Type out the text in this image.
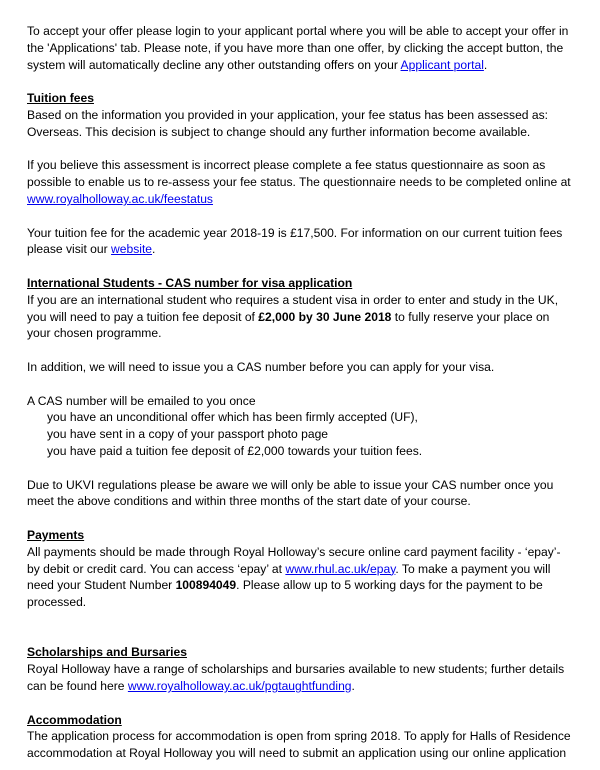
To accept your offer please login to your applicant portal where you will be able to accept your offer in the 'Applications' tab. Please note, if you have more than one offer, by clicking the accept button, the system will automatically decline any other outstanding offers on your Applicant portal.

Tuition fees

Based on the information you provided in your application, your fee status has been assessed as: Overseas. This decision is subject to change should any further information become available.

If you believe this assessment is incorrect please complete a fee status questionnaire as soon as possible to enable us to re-assess your fee status. The questionnaire needs to be completed online at
www.royalholloway.ac.uk/feestatus

Your tuition fee for the academic year 2018-19 is £17,500. For information on our current tuition fees please visit our website.

International Students - CAS number for visa application

If you are an international student who requires a student visa in order to enter and study in the UK, you will need to pay a tuition fee deposit of £2,000 by 30 June 2018 to fully reserve your place on your chosen programme.

In addition, we will need to issue you a CAS number before you can apply for your visa.

A CAS number will be emailed to you once

you have an unconditional offer which has been firmly accepted (UF),

you have sent in a copy of your passport photo page

you have paid a tuition fee deposit of £2,000 towards your tuition fees.

Due to UKVI regulations please be aware we will only be able to issue your CAS number once you meet the above conditions and within three months of the start date of your course.

Payments

All payments should be made through Royal Holloway’s secure online card payment facility - ‘epay’- by debit or credit card. You can access ‘epay’ at www.rhul.ac.uk/epay. To make a payment you will need your Student Number 100894049. Please allow up to 5 working days for the payment to be processed.

Scholarships and Bursaries

Royal Holloway have a range of scholarships and bursaries available to new students; further details can be found here www.royalholloway.ac.uk/pgtaughtfunding.

Accommodation

The application process for accommodation is open from spring 2018. To apply for Halls of Residence accommodation at Royal Holloway you will need to submit an application using our online application
